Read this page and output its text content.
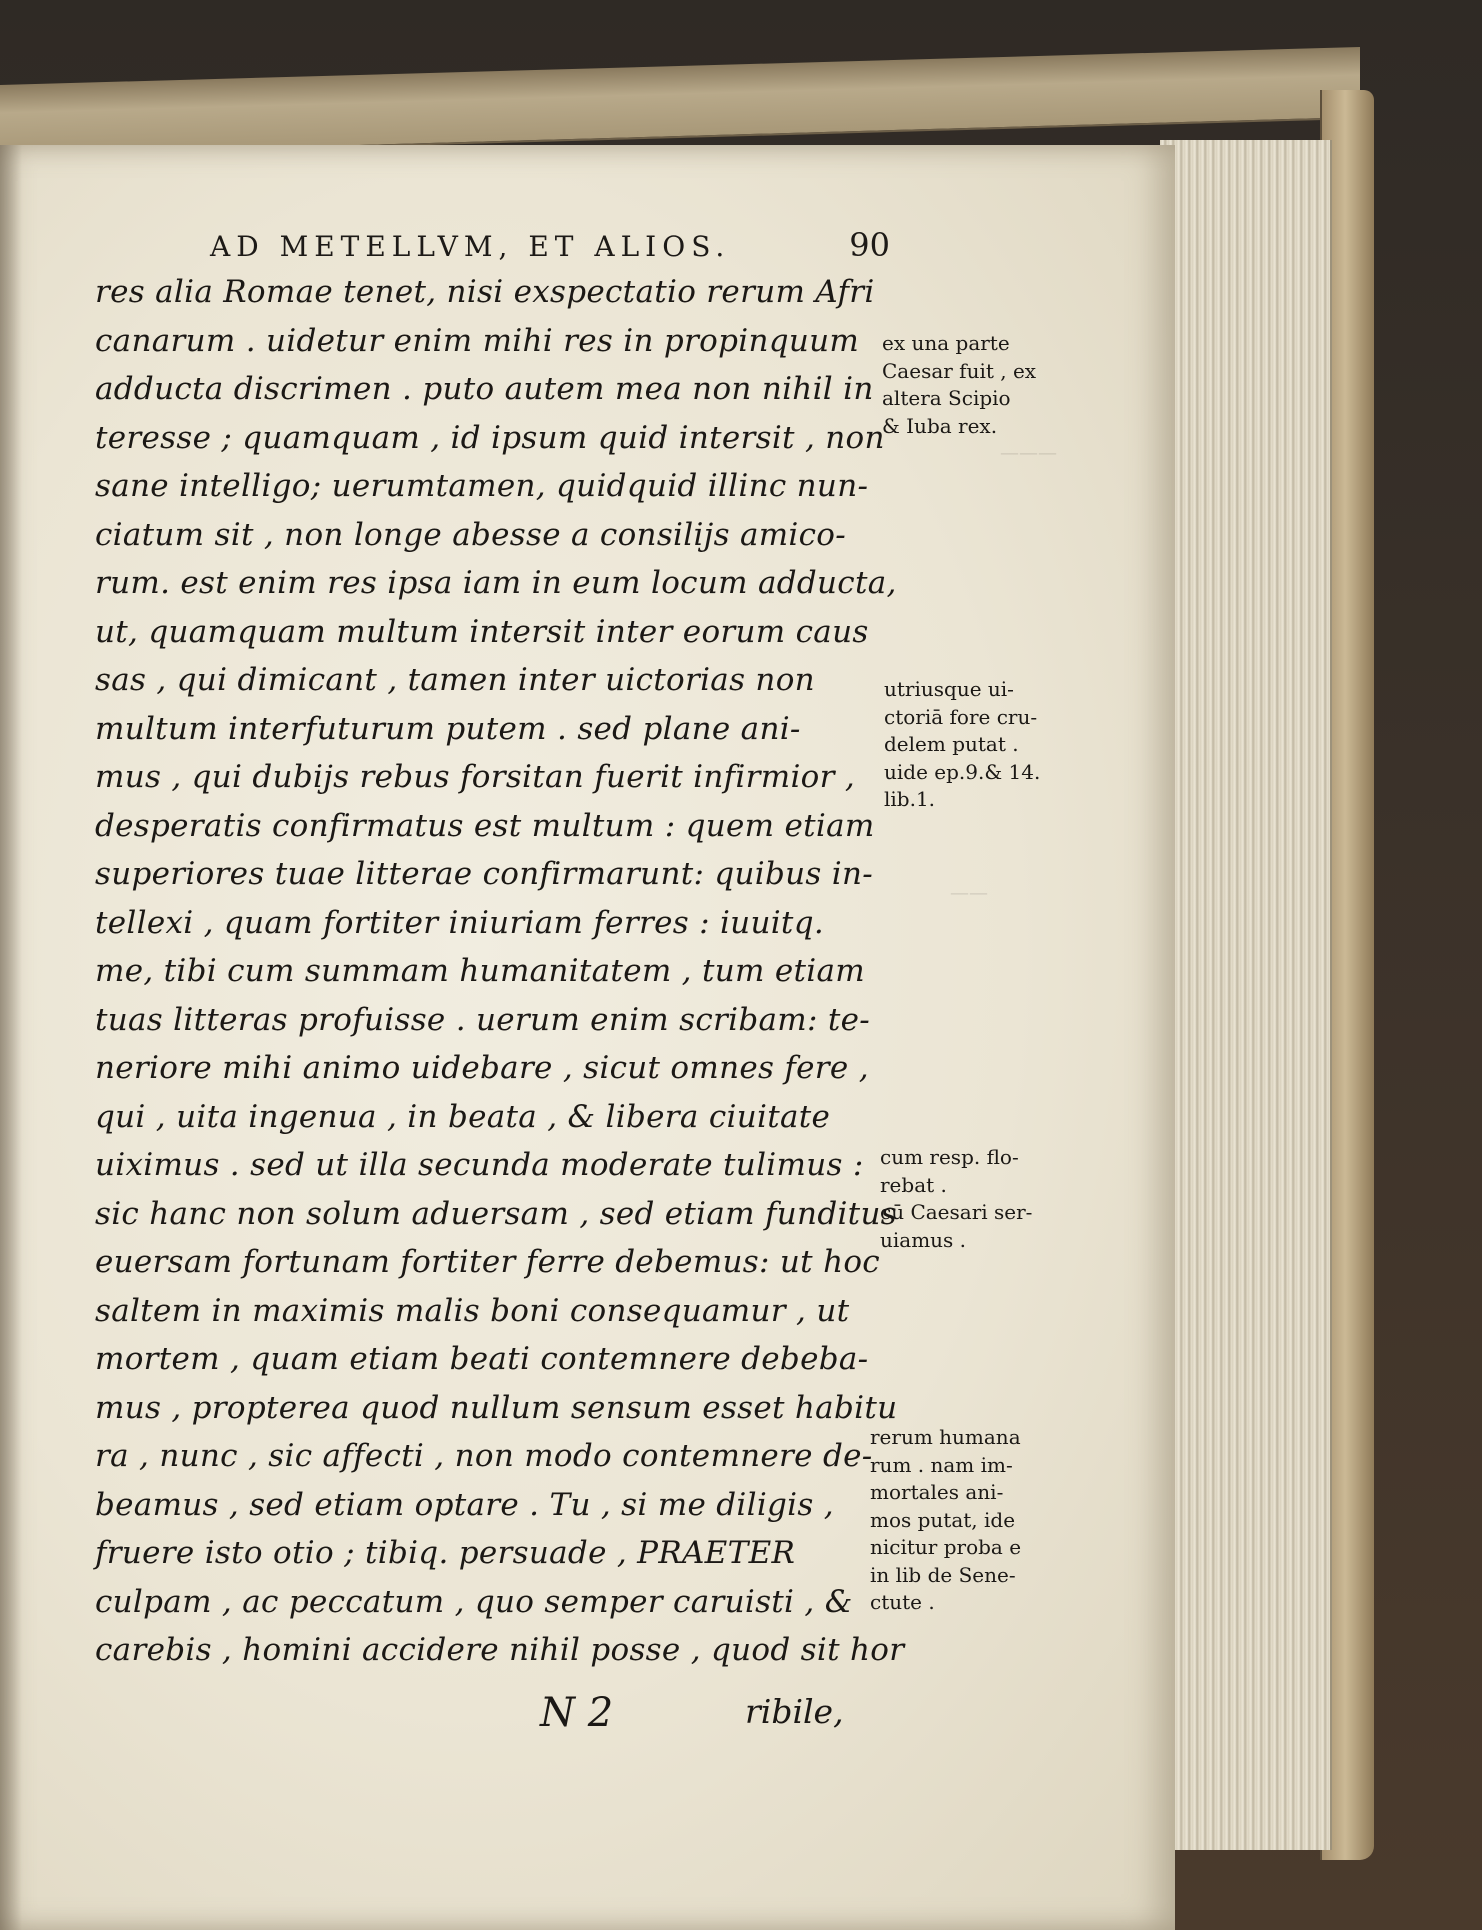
———
——
AD METELLVM, ET ALIOS.	90
res alia Romae tenet, nisi exspectatio rerum Afri
canarum . uidetur enim mihi res in propinquum
adducta discrimen . puto autem mea non nihil in
teresse ; quamquam , id ipsum quid intersit , non
sane intelligo; uerumtamen, quidquid illinc nun-
ciatum sit , non longe abesse a consilijs amico-
rum. est enim res ipsa iam in eum locum adducta,
ut, quamquam multum intersit inter eorum caus
sas , qui dimicant , tamen inter uictorias non
multum interfuturum putem . sed plane ani-
mus , qui dubijs rebus forsitan fuerit infirmior ,
desperatis confirmatus est multum : quem etiam
superiores tuae litterae confirmarunt: quibus in-
tellexi , quam fortiter iniuriam ferres : iuuitq.
me, tibi cum summam humanitatem , tum etiam
tuas litteras profuisse . uerum enim scribam: te-
neriore mihi animo uidebare , sicut omnes fere ,
qui , uita ingenua , in beata , & libera ciuitate
uiximus . sed ut illa secunda moderate tulimus :
sic hanc non solum aduersam , sed etiam funditus
euersam fortunam fortiter ferre debemus: ut hoc
saltem in maximis malis boni consequamur , ut
mortem , quam etiam beati contemnere debeba-
mus , propterea quod nullum sensum esset habitu
ra , nunc , sic affecti , non modo contemnere de-
beamus , sed etiam optare . Tu , si me diligis ,
fruere isto otio ; tibiq. persuade , PRAETER
culpam , ac peccatum , quo semper caruisti , &
carebis , homini accidere nihil posse , quod sit hor
ex una parte
Caesar fuit , ex
altera Scipio
& Iuba rex.
utriusque ui-
ctoriā fore cru-
delem putat .
uide ep.9.& 14.
lib.1.
cum resp. flo-
rebat .
cū Caesari ser-
uiamus .
rerum humana
rum . nam im-
mortales ani-
mos putat, ide
nicitur proba e
in lib de Sene-
ctute .
N 2	ribile,
